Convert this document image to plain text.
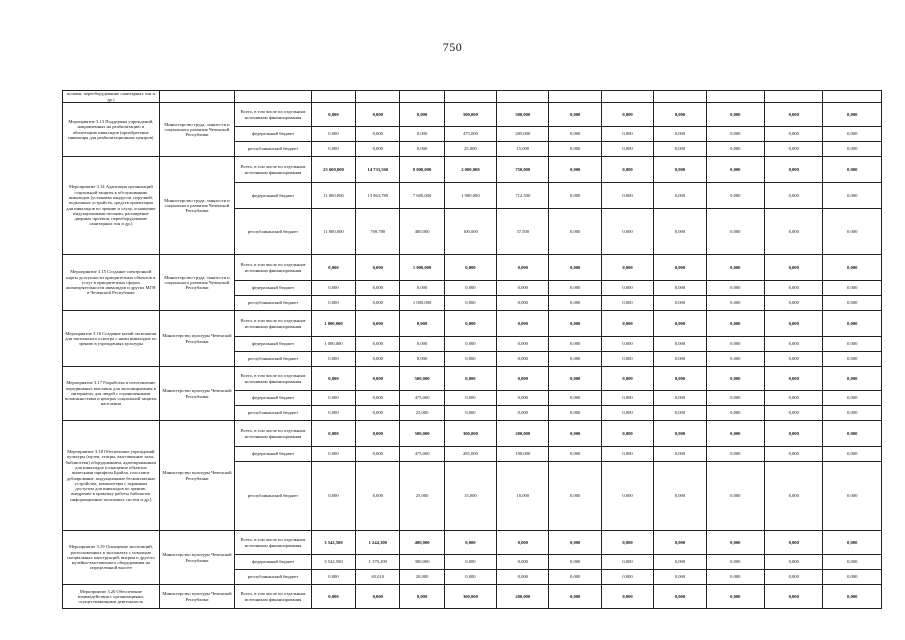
750
полами, переоборудование санитарных зон и др.)													
Мероприятие 3.13 Поддержка учреждений, направленных на реабилитацию и абилитацию инвалидов (приобретение инвентаря для реабилитационных центров)	Министерство труда, занятости и социального развития Чеченской Республики	Всего, в том числе по отдельным источникам финансирования	0,000	0,000	0,000	500,000	300,000	0,000	0,000	0,000	0,000	0,000	0,000
		федеральный бюджет	0,000	0,000	0,000	475,000	285,000	0,000	0,000	0,000	0,000	0,000	0,000
		республиканский бюджет	0,000	0,000	0,000	25,000	15,000	0,000	0,000	0,000	0,000	0,000	0,000
Мероприятие 3.14 Адаптация организаций социальной защиты к обслуживанию инвалидов (установка пандусов, поручней, подъемных устройств, средств ориентации для инвалидов по зрению и слуху, оснащение индукционными петлями, расширение дверных проемов, переоборудование санитарных зон и др.)	Министерство труда, занятости и социального развития Чеченской Республики	Всего, в том числе по отдельным источникам финансирования	23 600,000	14 733,560	8 000,000	2 000,000	750,000	0,000	0,000	0,000	0,000	0,000	0,000
		федеральный бюджет	11 800,000	13 963,780	7 600,000	1 900,000	712,500	0,000	0,000	0,000	0,000	0,000	0,000
		республиканский бюджет	11 800,000	769,780	400,000	100,000	37,500	0,000	0,000	0,000	0,000	0,000	0,000
Мероприятие 3.15 Создание электронной карты доступности приоритетных объектов и услуг в приоритетных сферах жизнедеятельности инвалидов и других МГН в Чеченской Республике	Министерство труда, занятости и социального развития Чеченской Республики	Всего, в том числе по отдельным источникам финансирования	0,000	0,000	1 000,000	0,000	0,000	0,000	0,000	0,000	0,000	0,000	0,000
		федеральный бюджет	0,000	0,000	0,000	0,000	0,000	0,000	0,000	0,000	0,000	0,000	0,000
		республиканский бюджет	0,000	0,000	1 000,000	0,000	0,000	0,000	0,000	0,000	0,000	0,000	0,000
Мероприятие 3.16 Создание копий экспонатов для тактильного осмотра с ними инвалидов по зрению в учреждениях культуры	Министерство культуры Чеченской Республики	Всего, в том числе по отдельным источникам финансирования	1 000,000	0,000	0,000	0,000	0,000	0,000	0,000	0,000	0,000	0,000	0,000
		федеральный бюджет	1 000,000	0,000	0,000	0,000	0,000	0,000	0,000	0,000	0,000	0,000	0,000
		республиканский бюджет	0,000	0,000	0,000	0,000	0,000	0,000	0,000	0,000	0,000	0,000	0,000
Мероприятие 3.17 Разработка и изготовление передвижных выставок для экспонирования в интернатах для людей с ограниченными возможностями и центрах социальной защиты населения	Министерство культуры Чеченской Республики	Всего, в том числе по отдельным источникам финансирования	0,000	0,000	500,000	0,000	0,000	0,000	0,000	0,000	0,000	0,000	0,000
		федеральный бюджет	0,000	0,000	475,000	0,000	0,000	0,000	0,000	0,000	0,000	0,000	0,000
		республиканский бюджет	0,000	0,000	25,000	0,000	0,000	0,000	0,000	0,000	0,000	0,000	0,000
Мероприятие 3.18 Обеспечение учреждений культуры (музеи, театры, выставочные залы, библиотеки) оборудованием, адаптированным для инвалидов (оснащение объектов вывесками шрифтом Брайля, голосовое дублирование, индукционные бесконтактные устройства, компьютеры с экранным доступом для инвалидов по зрению, внедрение в практику работы библиотек информационно-поисковых систем и др.)	Министерство культуры Чеченской Республики	Всего, в том числе по отдельным источникам финансирования	0,000	0,000	500,000	300,000	200,000	0,000	0,000	0,000	0,000	0,000	0,000
		федеральный бюджет	0,000	0,000	475,000	285,000	190,000	0,000	0,000	0,000	0,000	0,000	0,000
		республиканский бюджет	0,000	0,000	25,000	15,000	10,000	0,000	0,000	0,000	0,000	0,000	0,000
Мероприятие 3.19 Оснащение экспозиций, расположенных в экспонатах с помощью специальных конструкций, витрин и другого музейно-выставочного оборудования на определенной высоте	Министерство культуры Чеченской Республики	Всего, в том числе по отдельным источникам финансирования	3 542,500	1 244,300	400,000	0,000	0,000	0,000	0,000	0,000	0,000	0,000	0,000
		федеральный бюджет	3 542,500	1 179,290	380,000	0,000	0,000	0,000	0,000	0,000	0,000	0,000	0,000
		республиканский бюджет	0,000	65,010	20,000	0,000	0,000	0,000	0,000	0,000	0,000	0,000	0,000
Мероприятие 3.20 Обеспечение взаимодействия с организациями, осуществляющими деятельность	Министерство культуры Чеченской Республики	Всего, в том числе по отдельным источникам финансирования	0,000	0,000	0,000	300,000	200,000	0,000	0,000	0,000	0,000	0,000	0,000
